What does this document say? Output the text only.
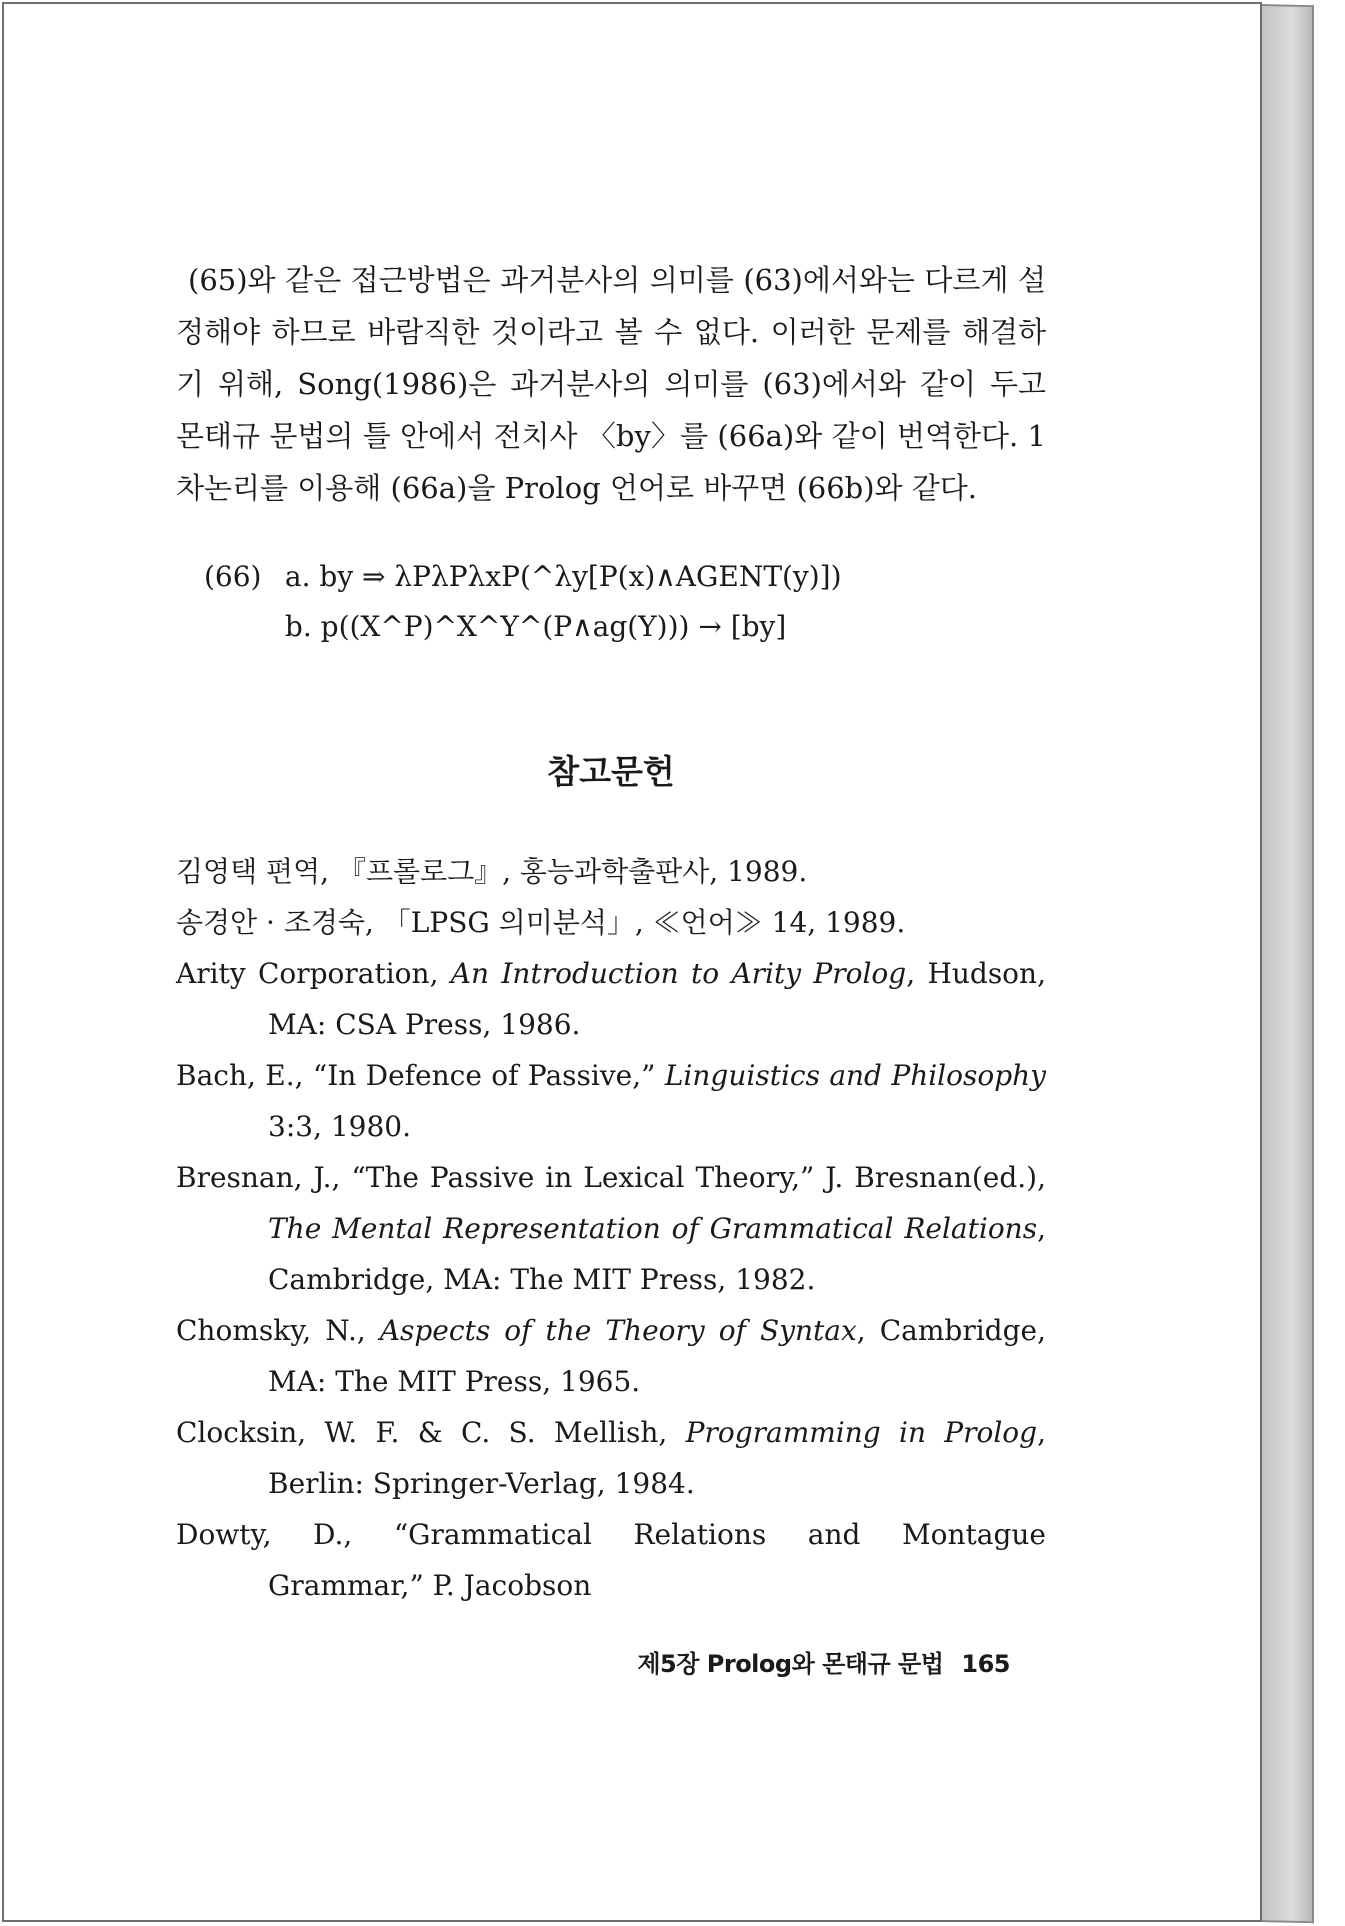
(65)와 같은 접근방법은 과거분사의 의미를 (63)에서와는 다르게 설정해야 하므로 바람직한 것이라고 볼 수 없다. 이러한 문제를 해결하기 위해, Song(1986)은 과거분사의 의미를 (63)에서와 같이 두고 몬태규 문법의 틀 안에서 전치사 〈by〉를 (66a)와 같이 번역한다. 1차논리를 이용해 (66a)을 Prolog 언어로 바꾸면 (66b)와 같다.

(66) a. by ⇒ λPλPλxP(^λy[P(x)∧AGENT(y)])
b. p((X^P)^X^Y^(P∧ag(Y))) → [by]
참고문헌

김영택 편역, 『프롤로그』, 홍능과학출판사, 1989.

송경안 · 조경숙, 「LPSG 의미분석」, ≪언어≫ 14, 1989.

Arity Corporation, An Introduction to Arity Prolog, Hudson, MA: CSA Press, 1986.

Bach, E., “In Defence of Passive,” Linguistics and Philosophy 3:3, 1980.

Bresnan, J., “The Passive in Lexical Theory,” J. Bresnan(ed.), The Mental Representation of Grammatical Relations, Cambridge, MA: The MIT Press, 1982.

Chomsky, N., Aspects of the Theory of Syntax, Cambridge, MA: The MIT Press, 1965.

Clocksin, W. F. & C. S. Mellish, Programming in Prolog, Berlin: Springer-Verlag, 1984.

Dowty, D., “Grammatical Relations and Montague Grammar,” P. Jacobson

제5장 Prolog와 몬태규 문법 165
